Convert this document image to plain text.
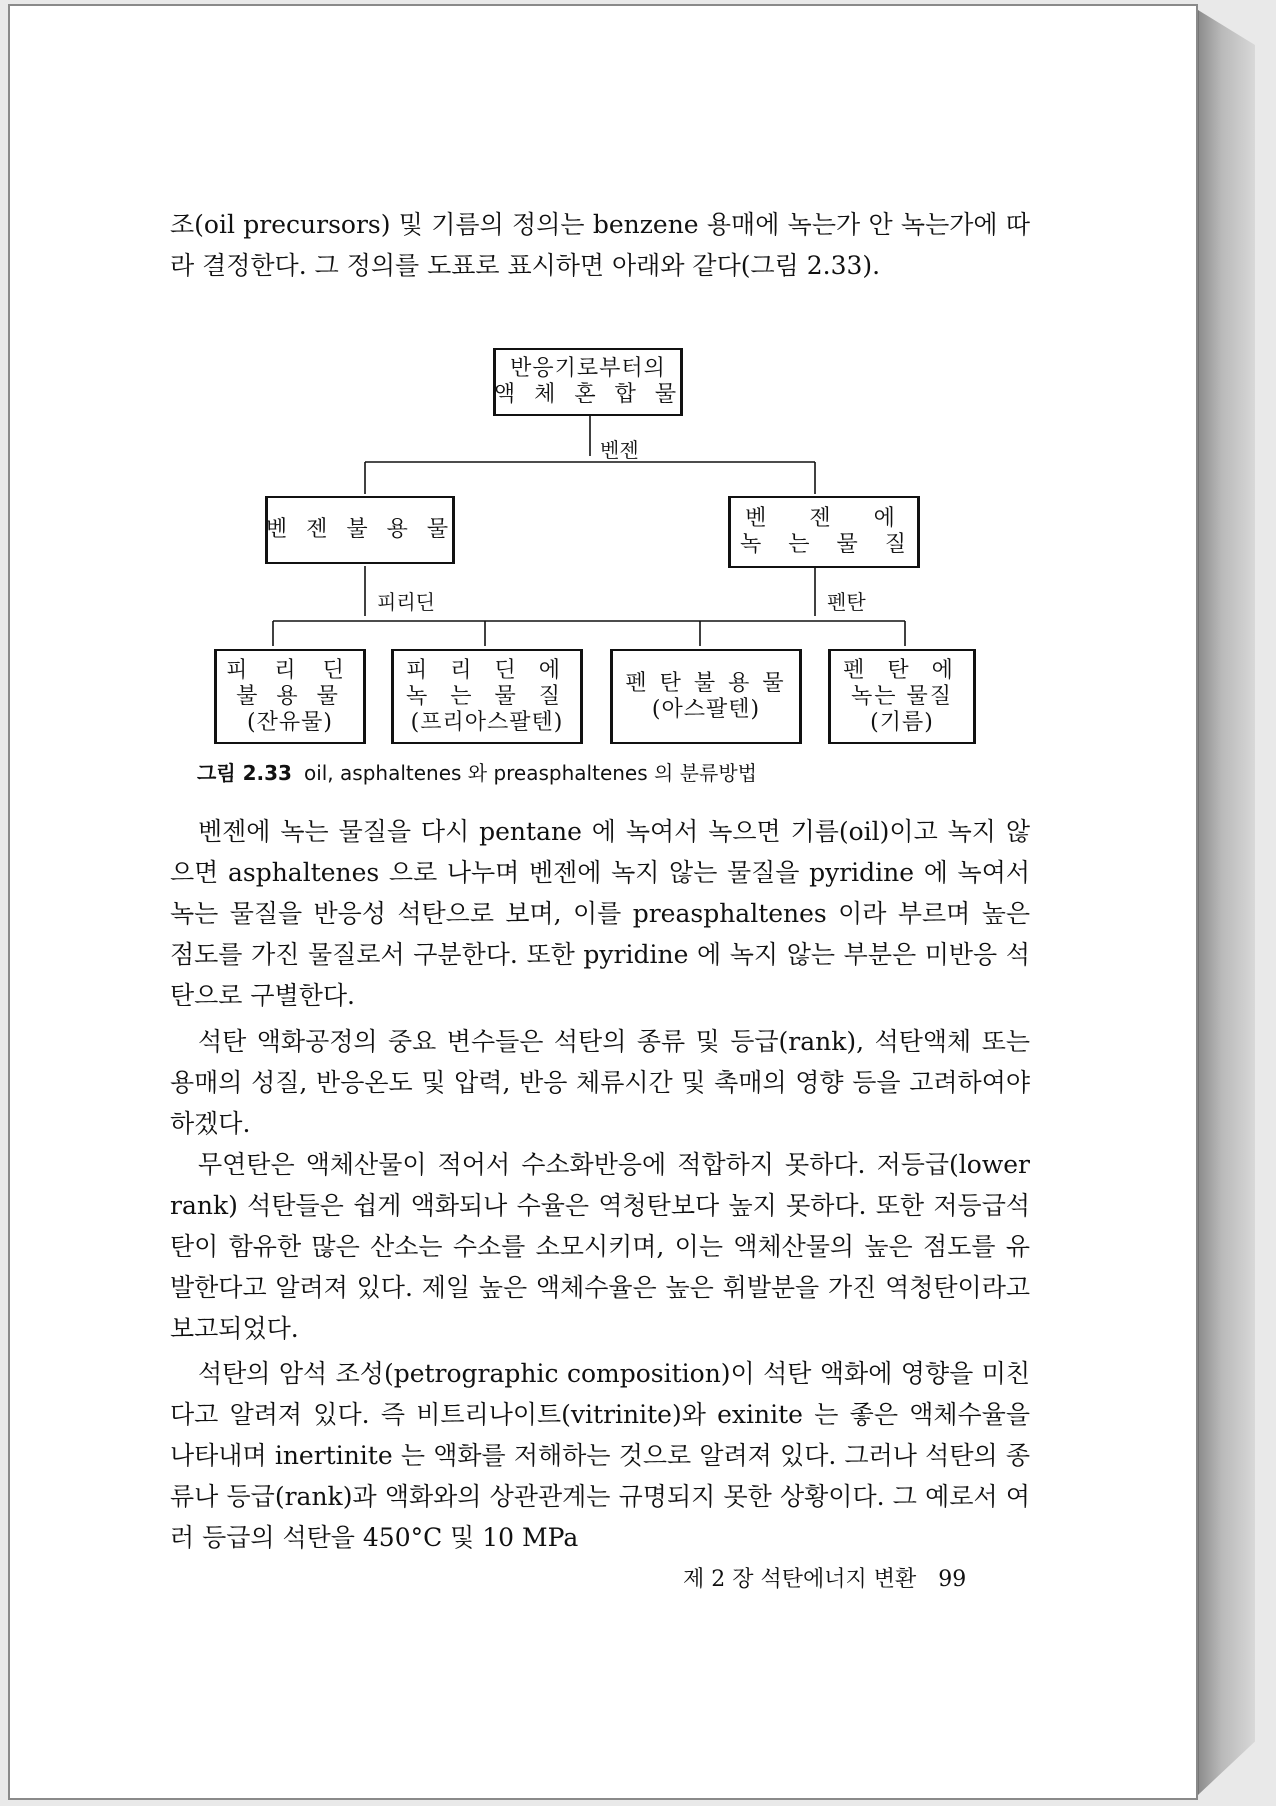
조(oil precursors) 및 기름의 정의는 benzene 용매에 녹는가 안 녹는가에 따라 결정한다. 그 정의를 도표로 표시하면 아래와 같다(그림 2.33).

반응기로부터의
액 체 혼 합 물
벤젠
벤 젠 불 용 물	벤 젠 에
녹 는 물 질
피리딘	펜탄
피 리 딘
불 용 물
(잔유물)
피 리 딘 에
녹 는 물 질
(프리아스팔텐)
펜 탄 불 용 물
(아스팔텐)
펜 탄 에
녹는 물질
(기름)
그림 2.33 oil, asphaltenes 와 preasphaltenes 의 분류방법

벤젠에 녹는 물질을 다시 pentane 에 녹여서 녹으면 기름(oil)이고 녹지 않으면 asphaltenes 으로 나누며 벤젠에 녹지 않는 물질을 pyridine 에 녹여서 녹는 물질을 반응성 석탄으로 보며, 이를 preasphaltenes 이라 부르며 높은 점도를 가진 물질로서 구분한다. 또한 pyridine 에 녹지 않는 부분은 미반응 석탄으로 구별한다.

석탄 액화공정의 중요 변수들은 석탄의 종류 및 등급(rank), 석탄액체 또는 용매의 성질, 반응온도 및 압력, 반응 체류시간 및 촉매의 영향 등을 고려하여야 하겠다.

무연탄은 액체산물이 적어서 수소화반응에 적합하지 못하다. 저등급(lower rank) 석탄들은 쉽게 액화되나 수율은 역청탄보다 높지 못하다. 또한 저등급석탄이 함유한 많은 산소는 수소를 소모시키며, 이는 액체산물의 높은 점도를 유발한다고 알려져 있다. 제일 높은 액체수율은 높은 휘발분을 가진 역청탄이라고 보고되었다.

석탄의 암석 조성(petrographic composition)이 석탄 액화에 영향을 미친다고 알려져 있다. 즉 비트리나이트(vitrinite)와 exinite 는 좋은 액체수율을 나타내며 inertinite 는 액화를 저해하는 것으로 알려져 있다. 그러나 석탄의 종류나 등급(rank)과 액화와의 상관관계는 규명되지 못한 상황이다. 그 예로서 여러 등급의 석탄을 450°C 및 10 MPa

제 2 장 석탄에너지 변환 99
